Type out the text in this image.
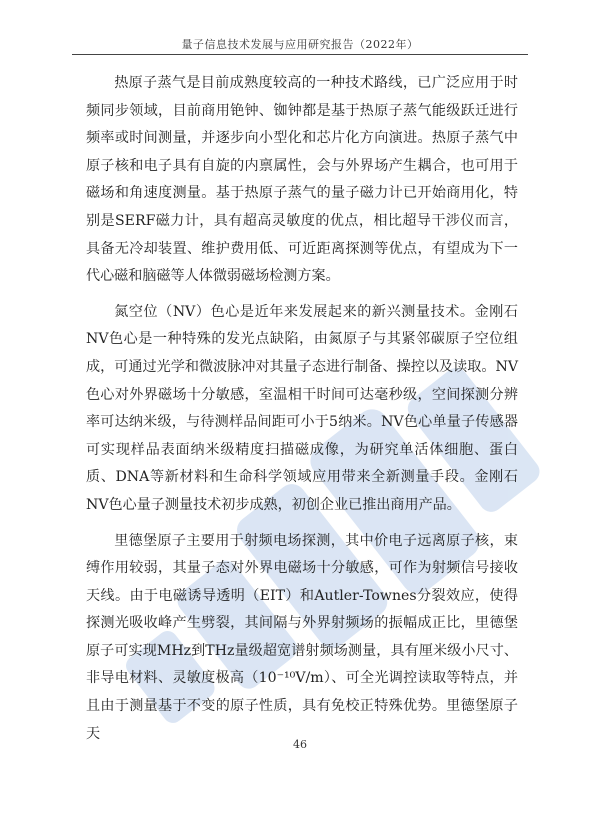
量子信息技术发展与应用研究报告（2022年）

热原子蒸气是目前成熟度较高的一种技术路线，已广泛应用于时频同步领域，目前商用铯钟、铷钟都是基于热原子蒸气能级跃迁进行频率或时间测量，并逐步向小型化和芯片化方向演进。热原子蒸气中原子核和电子具有自旋的内禀属性，会与外界场产生耦合，也可用于磁场和角速度测量。基于热原子蒸气的量子磁力计已开始商用化，特别是SERF磁力计，具有超高灵敏度的优点，相比超导干涉仪而言，具备无冷却装置、维护费用低、可近距离探测等优点，有望成为下一代心磁和脑磁等人体微弱磁场检测方案。

氮空位（NV）色心是近年来发展起来的新兴测量技术。金刚石NV色心是一种特殊的发光点缺陷，由氮原子与其紧邻碳原子空位组成，可通过光学和微波脉冲对其量子态进行制备、操控以及读取。NV色心对外界磁场十分敏感，室温相干时间可达毫秒级，空间探测分辨率可达纳米级，与待测样品间距可小于5纳米。NV色心单量子传感器可实现样品表面纳米级精度扫描磁成像，为研究单活体细胞、蛋白质、DNA等新材料和生命科学领域应用带来全新测量手段。金刚石NV色心量子测量技术初步成熟，初创企业已推出商用产品。

里德堡原子主要用于射频电场探测，其中价电子远离原子核，束缚作用较弱，其量子态对外界电磁场十分敏感，可作为射频信号接收天线。由于电磁诱导透明（EIT）和Autler-Townes分裂效应，使得探测光吸收峰产生劈裂，其间隔与外界射频场的振幅成正比，里德堡原子可实现MHz到THz量级超宽谱射频场测量，具有厘米级小尺寸、非导电材料、灵敏度极高（10⁻¹⁰V/m）、可全光调控读取等特点，并且由于测量基于不变的原子性质，具有免校正特殊优势。里德堡原子天

46
